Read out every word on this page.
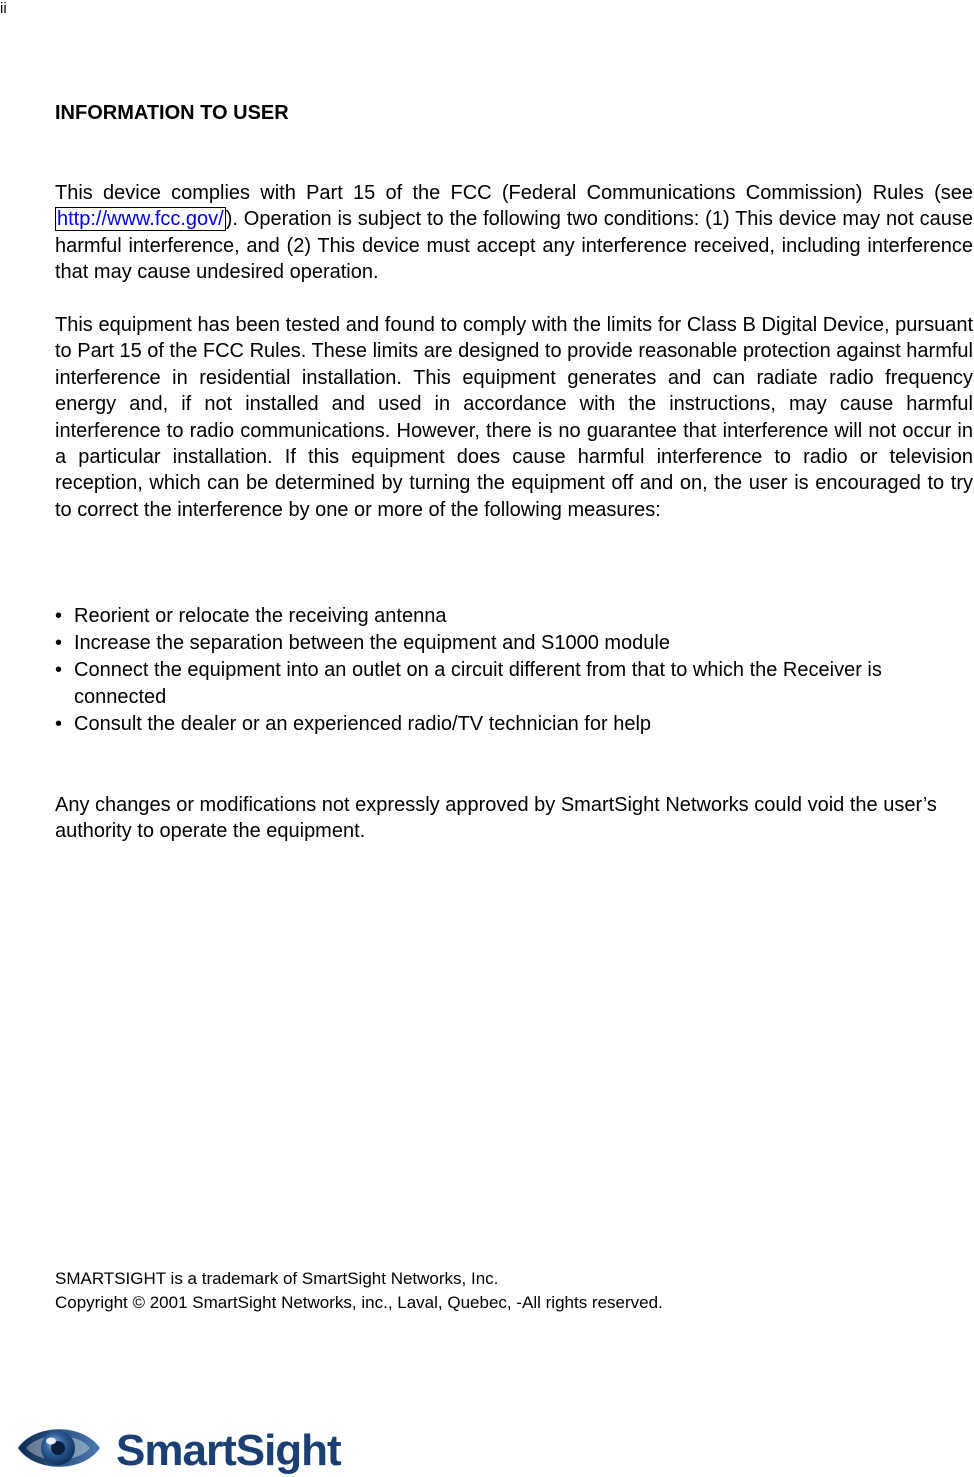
ii
INFORMATION TO USER

This device complies with Part 15 of the FCC (Federal Communications Commission) Rules (see http://www.fcc.gov/ ). Operation is subject to the following two conditions: (1) This device may not cause harmful interference, and (2) This device must accept any interference received, including interference that may cause undesired operation.

This equipment has been tested and found to comply with the limits for Class B Digital Device, pursuant to Part 15 of the FCC Rules. These limits are designed to provide reasonable protection against harmful interference in residential installation. This equipment generates and can radiate radio frequency energy and, if not installed and used in accordance with the instructions, may cause harmful interference to radio communications. However, there is no guarantee that interference will not occur in a particular installation. If this equipment does cause harmful interference to radio or television reception, which can be determined by turning the equipment off and on, the user is encouraged to try to correct the interference by one or more of the following measures:

• Reorient or relocate the receiving antenna
• Increase the separation between the equipment and S1000 module
• Connect the equipment into an outlet on a circuit different from that to which the Receiver is connected
• Consult the dealer or an experienced radio/TV technician for help

Any changes or modifications not expressly approved by SmartSight Networks could void the user’s authority to operate the equipment.

SMARTSIGHT is a trademark of SmartSight Networks, Inc.
Copyright © 2001 SmartSight Networks, inc., Laval, Quebec, -All rights reserved.
SmartSight
